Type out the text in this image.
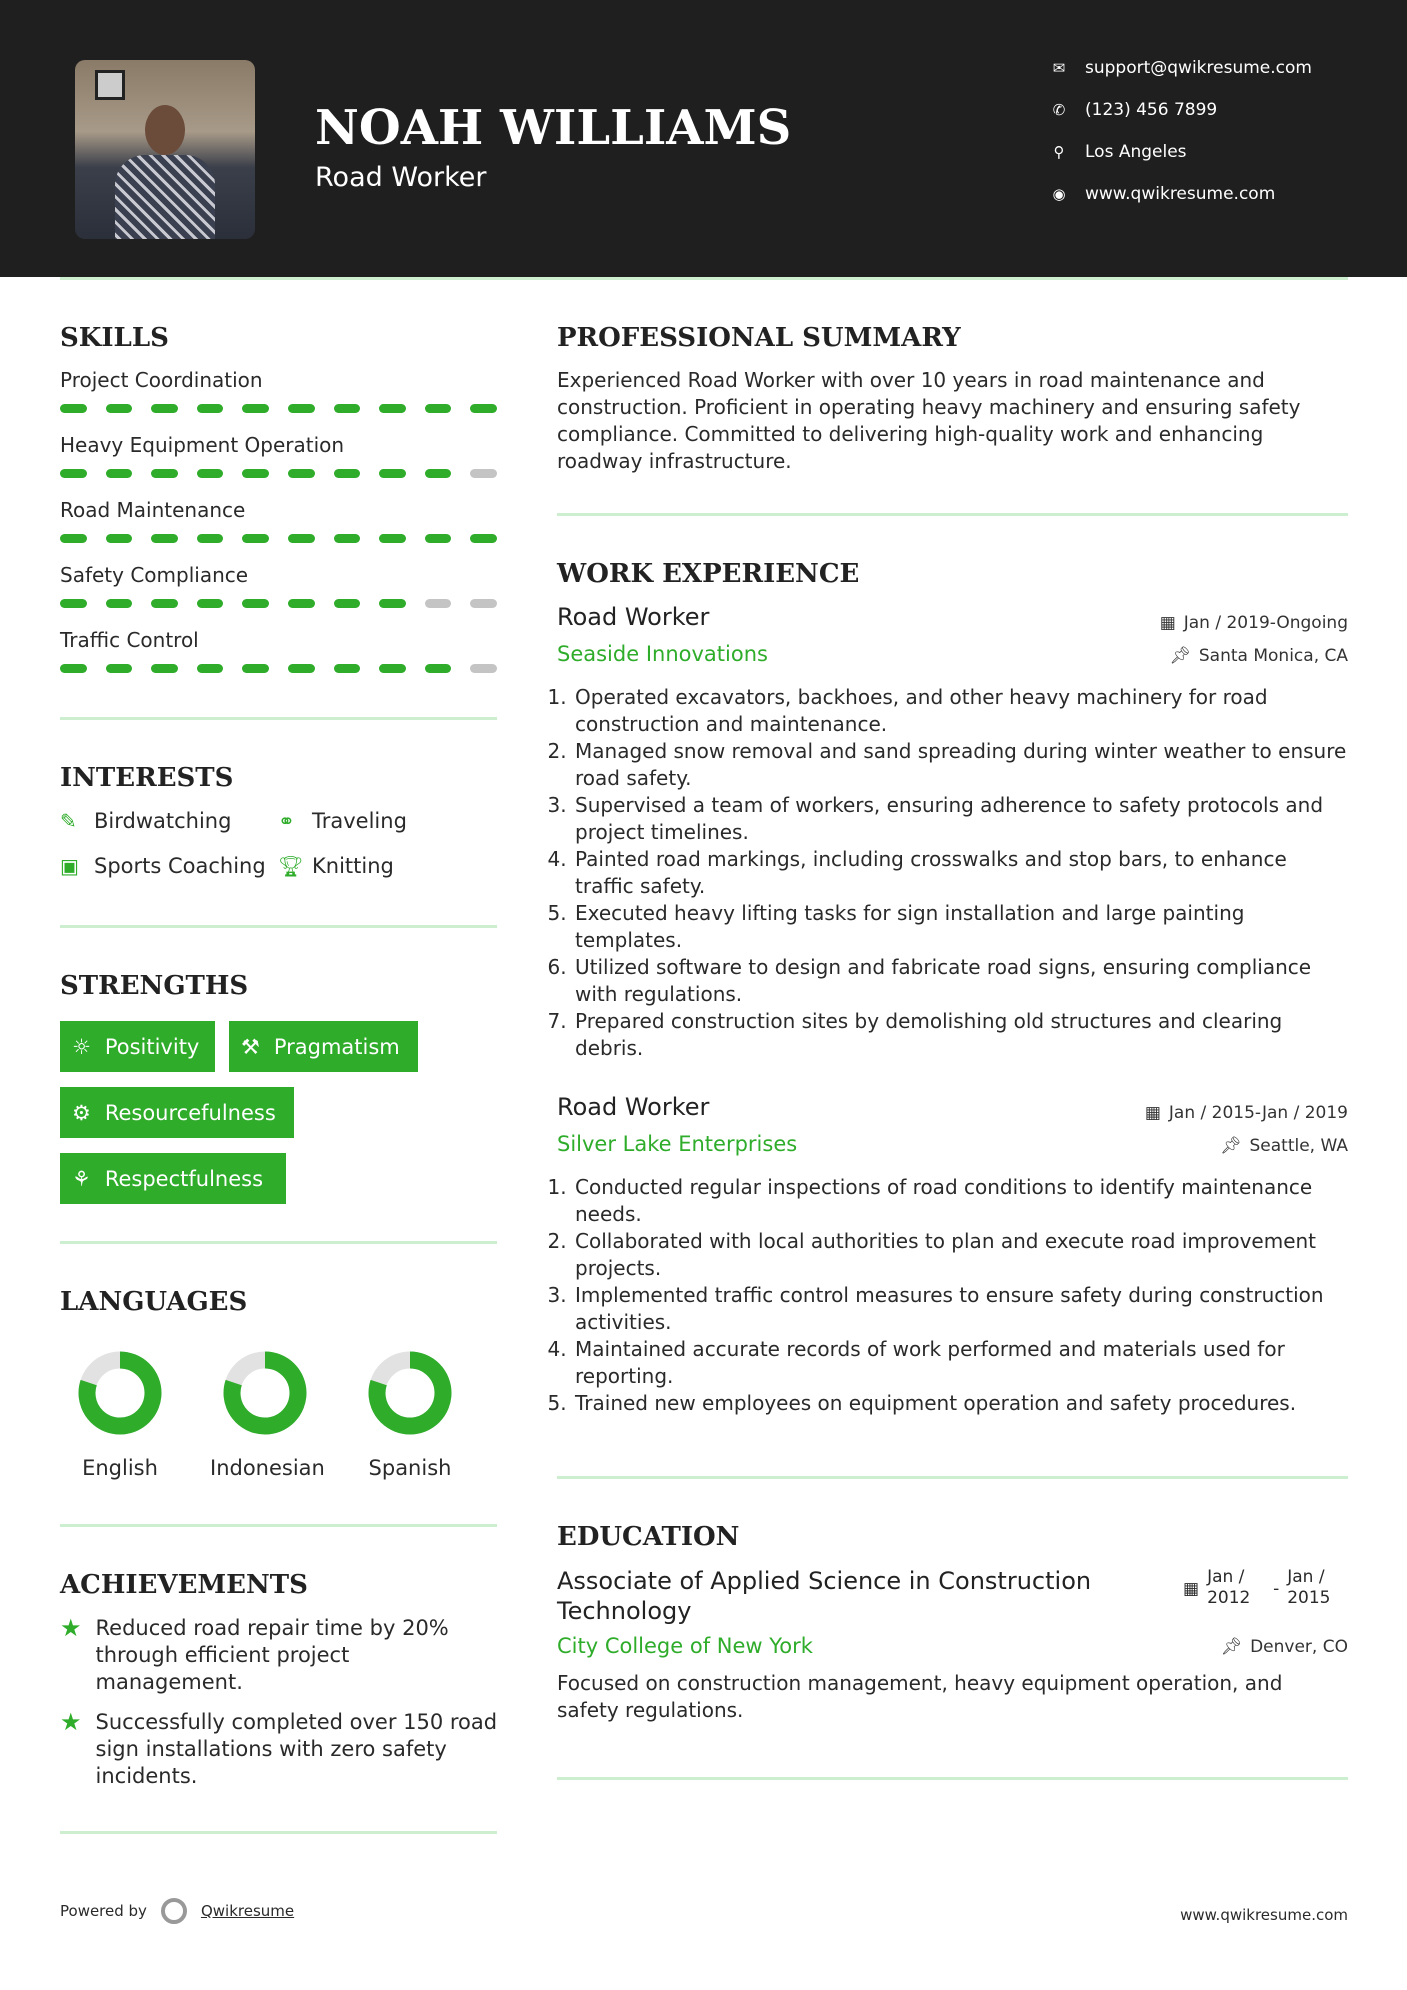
NOAH WILLIAMS
Road Worker
✉ support@qwikresume.com
✆ (123) 456 7899
⚲ Los Angeles
◉ www.qwikresume.com
SKILLS
Project Coordination
Heavy Equipment Operation
Road Maintenance
Safety Compliance
Traffic Control
INTERESTS
✎ Birdwatching ⚭ Traveling
▣ Sports Coaching 🏆︎ Knitting
STRENGTHS
☼ Positivity ⚒ Pragmatism
⚙ Resourcefulness
⚘ Respectfulness
LANGUAGES
English	Indonesian	Spanish
ACHIEVEMENTS
★ Reduced road repair time by 20% through efficient project management.
★ Successfully completed over 150 road sign installations with zero safety incidents.
PROFESSIONAL SUMMARY
Experienced Road Worker with over 10 years in road maintenance and construction. Proficient in operating heavy machinery and ensuring safety compliance. Committed to delivering high-quality work and enhancing roadway infrastructure.
WORK EXPERIENCE
Road Worker	▦ Jan / 2019-Ongoing
Seaside Innovations	📌︎ Santa Monica, CA
1. Operated excavators, backhoes, and other heavy machinery for road construction and maintenance.
2. Managed snow removal and sand spreading during winter weather to ensure road safety.
3. Supervised a team of workers, ensuring adherence to safety protocols and project timelines.
4. Painted road markings, including crosswalks and stop bars, to enhance traffic safety.
5. Executed heavy lifting tasks for sign installation and large painting templates.
6. Utilized software to design and fabricate road signs, ensuring compliance with regulations.
7. Prepared construction sites by demolishing old structures and clearing debris.
Road Worker	▦ Jan / 2015-Jan / 2019
Silver Lake Enterprises	📌︎ Seattle, WA
1. Conducted regular inspections of road conditions to identify maintenance needs.
2. Collaborated with local authorities to plan and execute road improvement projects.
3. Implemented traffic control measures to ensure safety during construction activities.
4. Maintained accurate records of work performed and materials used for reporting.
5. Trained new employees on equipment operation and safety procedures.
EDUCATION
Associate of Applied Science in Construction Technology
▦
Jan / 2012 -
Jan / 2015
City College of New York	📌︎ Denver, CO
Focused on construction management, heavy equipment operation, and safety regulations.
Powered by	Qwikresume	www.qwikresume.com
